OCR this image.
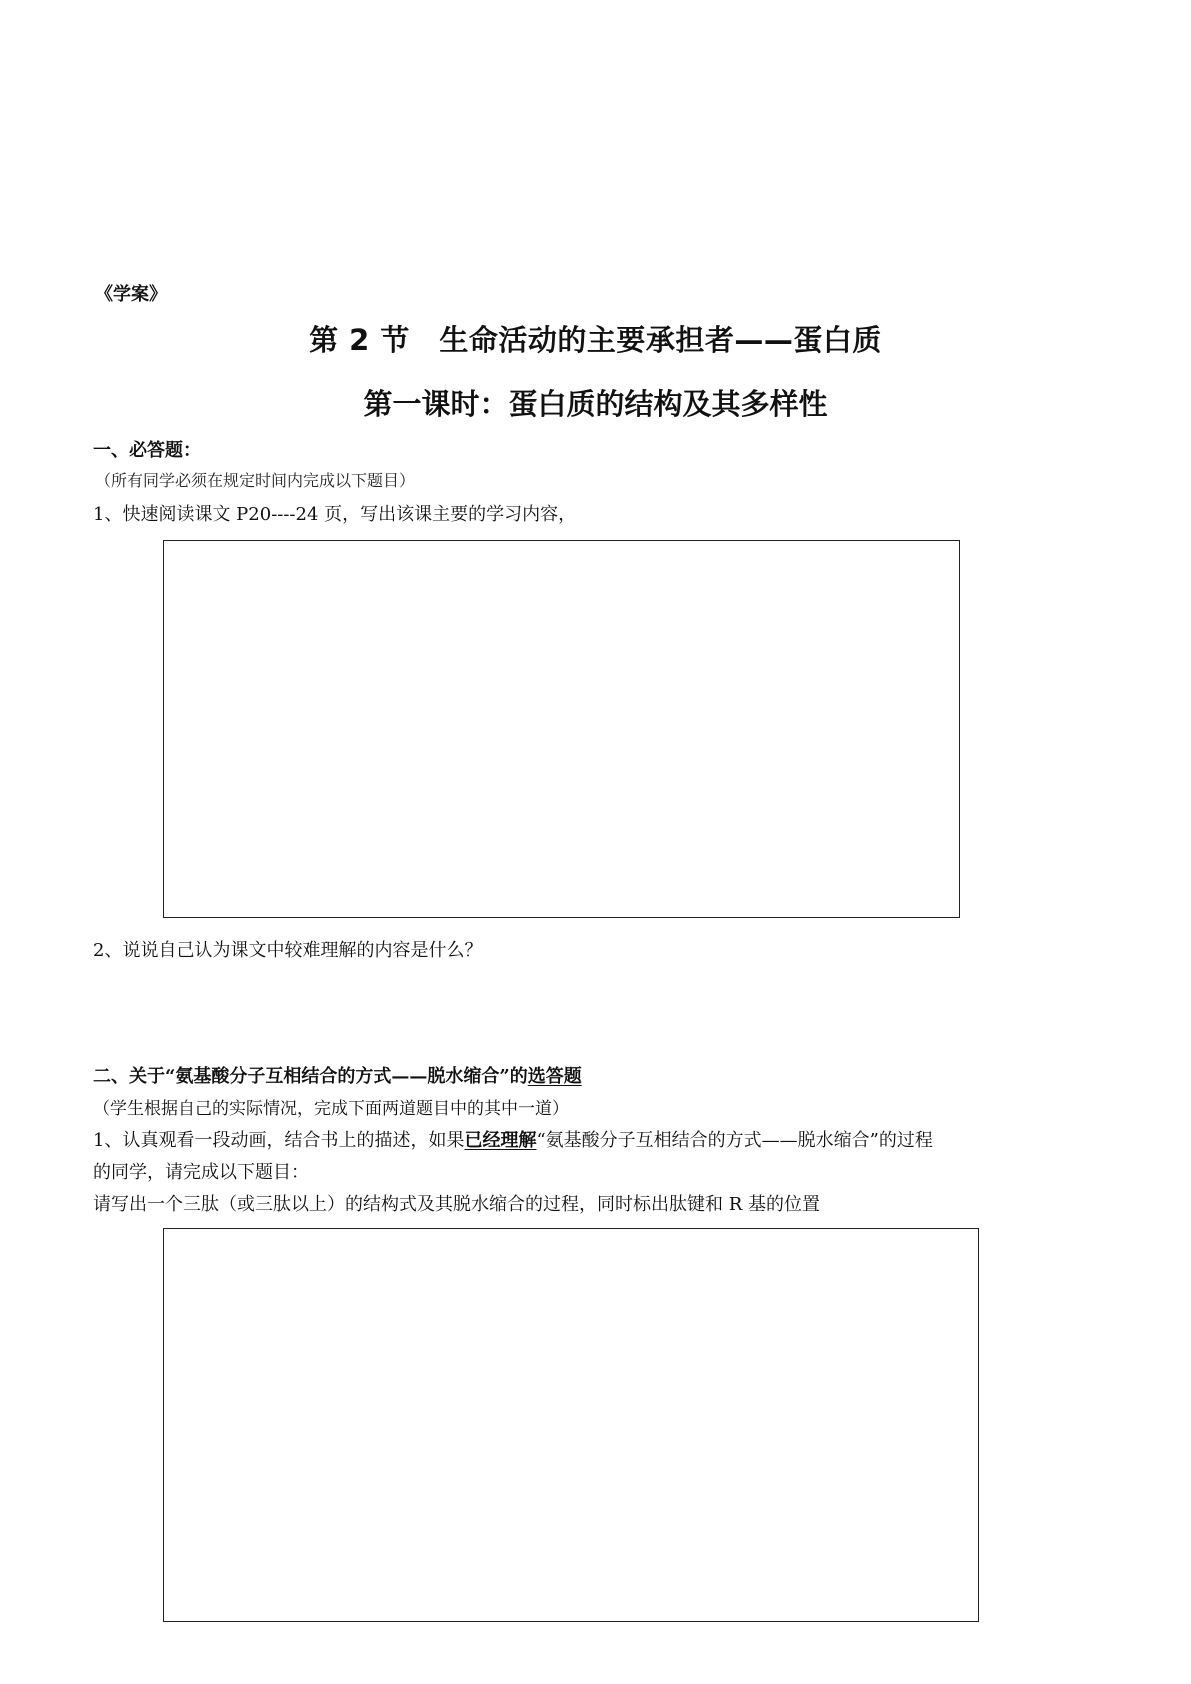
《学案》
第 2 节　生命活动的主要承担者——蛋白质
第一课时：蛋白质的结构及其多样性
一、必答题：
（所有同学必须在规定时间内完成以下题目）
1、快速阅读课文 P20----24 页，写出该课主要的学习内容，
2、说说自己认为课文中较难理解的内容是什么？
二、关于“氨基酸分子互相结合的方式——脱水缩合”的选答题
（学生根据自己的实际情况，完成下面两道题目中的其中一道）
1、认真观看一段动画，结合书上的描述，如果已经理解“氨基酸分子互相结合的方式——脱水缩合”的过程
的同学，请完成以下题目：
请写出一个三肽（或三肽以上）的结构式及其脱水缩合的过程，同时标出肽键和 R 基的位置
